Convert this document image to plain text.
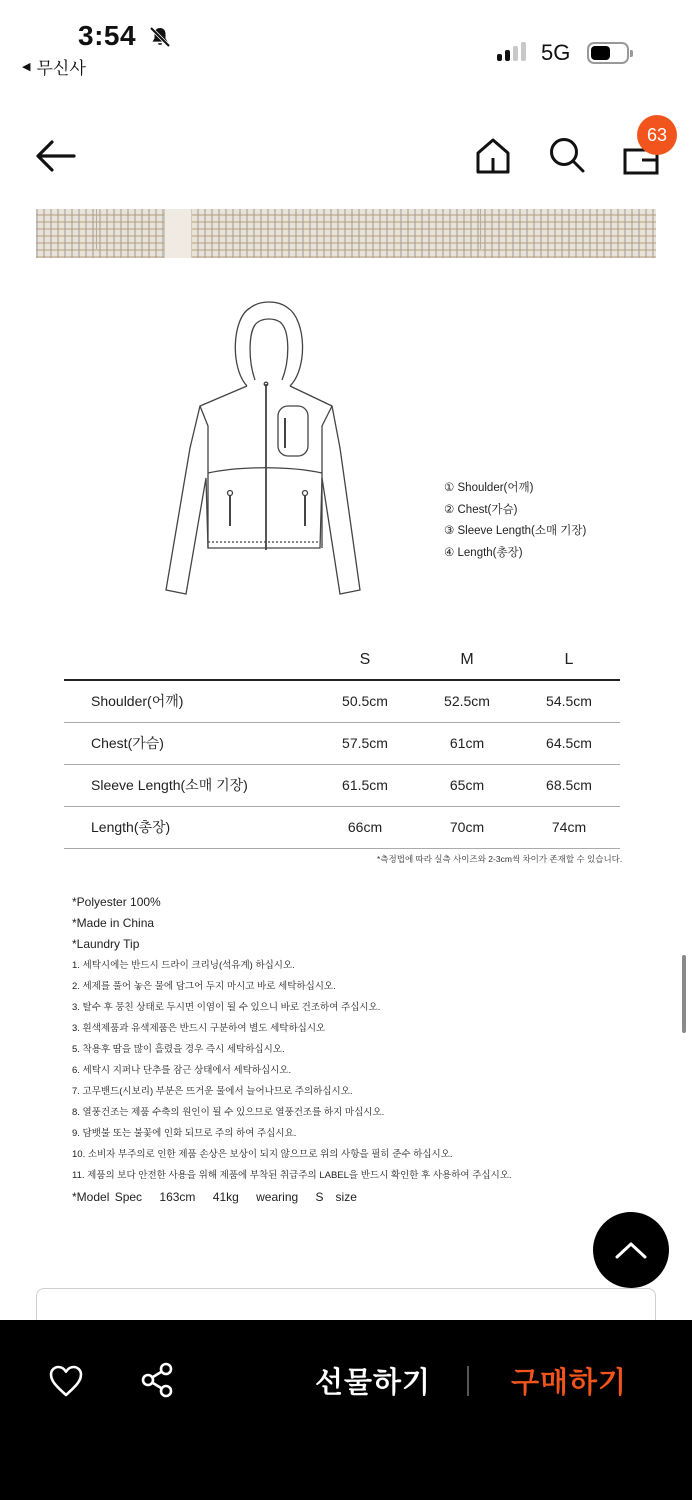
3:54
◀ 무신사
5G
63
① Shoulder(어깨)
② Chest(가슴)
③ Sleeve Length(소매 기장)
④ Length(총장)
	S	M	L
Shoulder(어깨)	50.5cm	52.5cm	54.5cm
Chest(가슴)	57.5cm	61cm	64.5cm
Sleeve Length(소매 기장)	61.5cm	65cm	68.5cm
Length(총장)	66cm	70cm	74cm
*측정법에 따라 실측 사이즈와 2-3cm씩 차이가 존재할 수 있습니다.
*Polyester 100%
*Made in China
*Laundry Tip
1. 세탁시에는 반드시 드라이 크리닝(석유계) 하십시오.
2. 세제를 풀어 놓은 물에 담그어 두지 마시고 바로 세탁하십시오.
3. 탈수 후 뭉친 상태로 두시면 이염이 될 수 있으니 바로 건조하여 주십시오.
3. 흰색제품과 유색제품은 반드시 구분하여 별도 세탁하십시오
5. 착용후 땀을 많이 흘렸을 경우 즉시 세탁하십시오.
6. 세탁시 지퍼나 단추를 잠근 상태에서 세탁하십시오.
7. 고무밴드(시보리) 부분은 뜨거운 물에서 늘어나므로 주의하십시오.
8. 열풍건조는 제품 수축의 원인이 될 수 있으므로 열풍건조를 하지 마십시오.
9. 담뱃불 또는 불꽃에 인화 되므로 주의 하여 주십시요.
10. 소비자 부주의로 인한 제품 손상은 보상이 되지 않으므로 위의 사항을 필히 준수 하십시오.
11. 제품의 보다 안전한 사용을 위해 제품에 부착된 취급주의 LABEL을 반드시 확인한 후 사용하여 주십시오.
*Model Spec 163cm 41kg wearing S size
선물하기	구매하기
